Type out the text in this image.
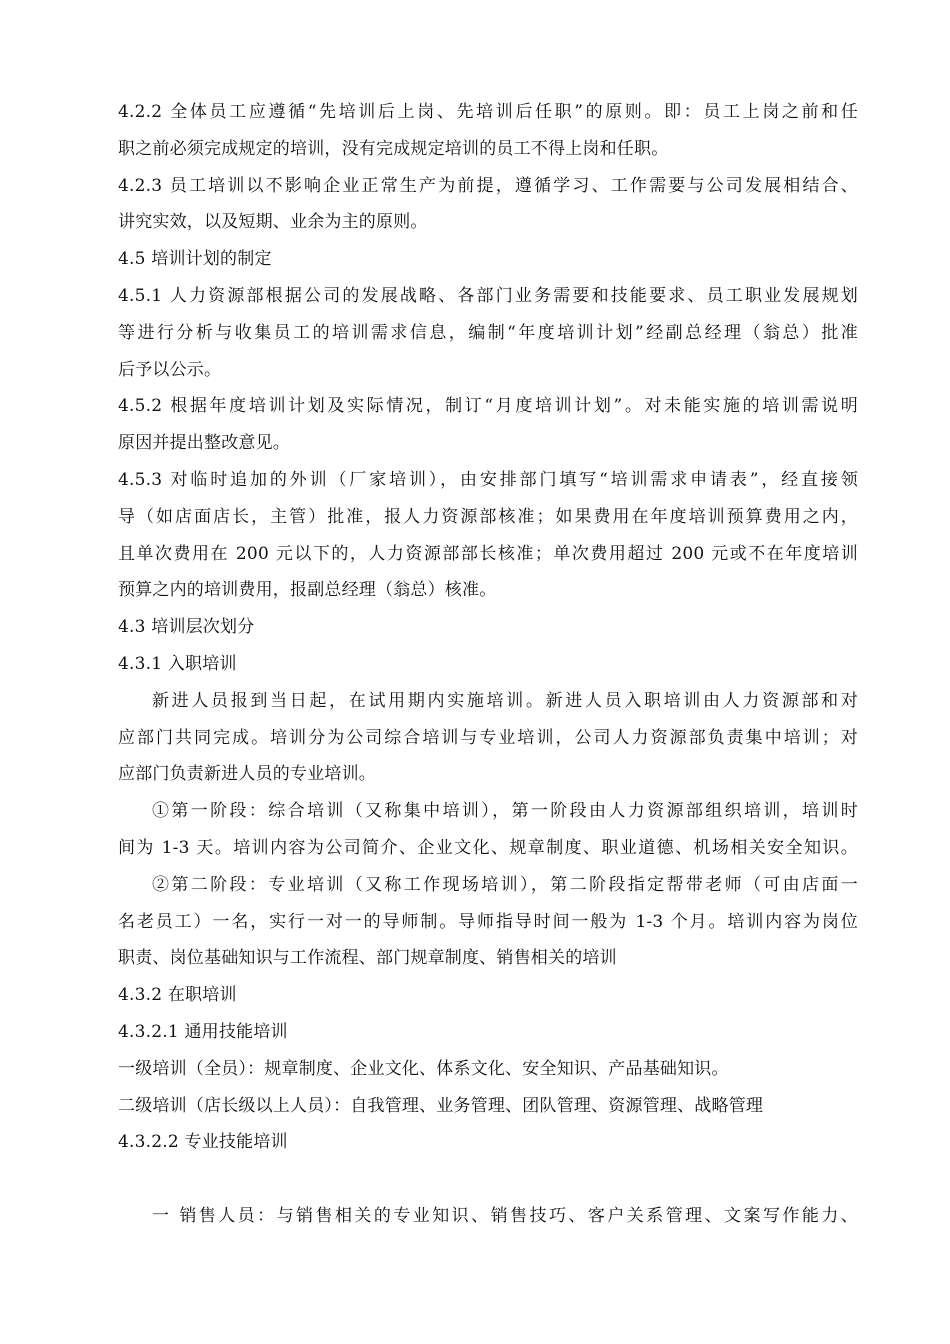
4.2.2 全体员工应遵循“先培训后上岗、先培训后任职”的原则。即：员工上岗之前和任
职之前必须完成规定的培训，没有完成规定培训的员工不得上岗和任职。
4.2.3 员工培训以不影响企业正常生产为前提，遵循学习、工作需要与公司发展相结合、
讲究实效，以及短期、业余为主的原则。
4.5 培训计划的制定
4.5.1 人力资源部根据公司的发展战略、各部门业务需要和技能要求、员工职业发展规划
等进行分析与收集员工的培训需求信息，编制“年度培训计划”经副总经理（翁总）批准
后予以公示。
4.5.2 根据年度培训计划及实际情况，制订“月度培训计划”。对未能实施的培训需说明
原因并提出整改意见。
4.5.3 对临时追加的外训（厂家培训），由安排部门填写“培训需求申请表”，经直接领
导（如店面店长，主管）批准，报人力资源部核准；如果费用在年度培训预算费用之内，
且单次费用在 200 元以下的，人力资源部部长核准；单次费用超过 200 元或不在年度培训
预算之内的培训费用，报副总经理（翁总）核准。
4.3 培训层次划分
4.3.1 入职培训
新进人员报到当日起，在试用期内实施培训。新进人员入职培训由人力资源部和对
应部门共同完成。培训分为公司综合培训与专业培训，公司人力资源部负责集中培训；对
应部门负责新进人员的专业培训。
①第一阶段：综合培训（又称集中培训），第一阶段由人力资源部组织培训，培训时
间为 1-3 天。培训内容为公司简介、企业文化、规章制度、职业道德、机场相关安全知识。
②第二阶段：专业培训（又称工作现场培训），第二阶段指定帮带老师（可由店面一
名老员工）一名，实行一对一的导师制。导师指导时间一般为 1-3 个月。培训内容为岗位
职责、岗位基础知识与工作流程、部门规章制度、销售相关的培训
4.3.2 在职培训
4.3.2.1 通用技能培训
一级培训（全员）：规章制度、企业文化、体系文化、安全知识、产品基础知识。
二级培训（店长级以上人员）：自我管理、业务管理、团队管理、资源管理、战略管理
4.3.2.2 专业技能培训
一 销售人员：与销售相关的专业知识、销售技巧、客户关系管理、文案写作能力、
